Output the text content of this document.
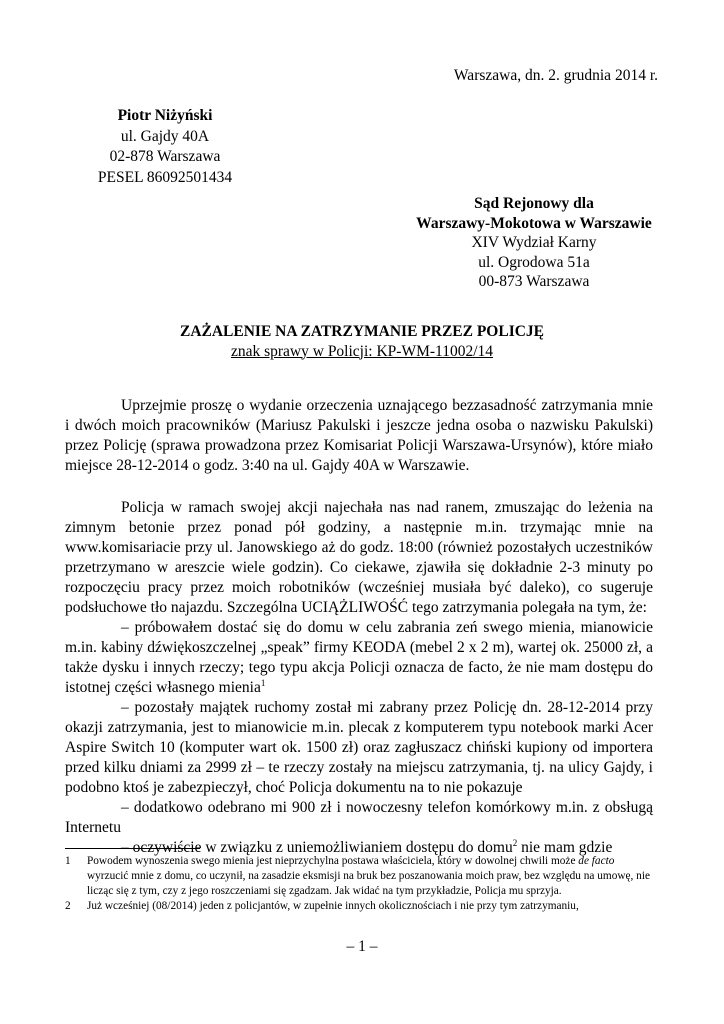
Warszawa, dn. 2. grudnia 2014 r.
Piotr Niżyński
ul. Gajdy 40A
02-878 Warszawa
PESEL 86092501434
Sąd Rejonowy dla
Warszawy-Mokotowa w Warszawie
XIV Wydział Karny
ul. Ogrodowa 51a
00-873 Warszawa
ZAŻALENIE NA ZATRZYMANIE PRZEZ POLICJĘ
znak sprawy w Policji: KP-WM-11002/14

Uprzejmie proszę o wydanie orzeczenia uznającego bezzasadność zatrzymania mnie i dwóch moich pracowników (Mariusz Pakulski i jeszcze jedna osoba o nazwisku Pakulski) przez Policję (sprawa prowadzona przez Komisariat Policji Warszawa-Ursynów), które miało miejsce 28-12-2014 o godz. 3:40 na ul. Gajdy 40A w Warszawie.

Policja w ramach swojej akcji najechała nas nad ranem, zmuszając do leżenia na zimnym betonie przez ponad pół godziny, a następnie m.in. trzymając mnie na www.komisariacie przy ul. Janowskiego aż do godz. 18:00 (również pozostałych uczestników przetrzymano w areszcie wiele godzin). Co ciekawe, zjawiła się dokładnie 2-3 minuty po rozpoczęciu pracy przez moich robotników (wcześniej musiała być daleko), co sugeruje podsłuchowe tło najazdu. Szczególna UCIĄŻLIWOŚĆ tego zatrzymania polegała na tym, że:

– próbowałem dostać się do domu w celu zabrania zeń swego mienia, mianowicie m.in. kabiny dźwiękoszczelnej „speak” firmy KEODA (mebel 2 x 2 m), wartej ok. 25000 zł, a także dysku i innych rzeczy; tego typu akcja Policji oznacza de facto, że nie mam dostępu do istotnej części własnego mienia$^1$

– pozostały majątek ruchomy został mi zabrany przez Policję dn. 28-12-2014 przy okazji zatrzymania, jest to mianowicie m.in. plecak z komputerem typu notebook marki Acer Aspire Switch 10 (komputer wart ok. 1500 zł) oraz zagłuszacz chiński kupiony od importera przed kilku dniami za 2999 zł – te rzeczy zostały na miejscu zatrzymania, tj. na ulicy Gajdy, i podobno ktoś je zabezpieczył, choć Policja dokumentu na to nie pokazuje

– dodatkowo odebrano mi 900 zł i nowoczesny telefon komórkowy m.in. z obsługą Internetu

– oczywiście w związku z uniemożliwianiem dostępu do domu$^2$ nie mam gdzie

1	Powodem wynoszenia swego mienia jest nieprzychylna postawa właściciela, który w dowolnej chwili może de facto wyrzucić mnie z domu, co uczynił, na zasadzie eksmisji na bruk bez poszanowania moich praw, bez względu na umowę, nie licząc się z tym, czy z jego roszczeniami się zgadzam. Jak widać na tym przykładzie, Policja mu sprzyja.
2	Już wcześniej (08/2014) jeden z policjantów, w zupełnie innych okolicznościach i nie przy tym zatrzymaniu,
– 1 –
